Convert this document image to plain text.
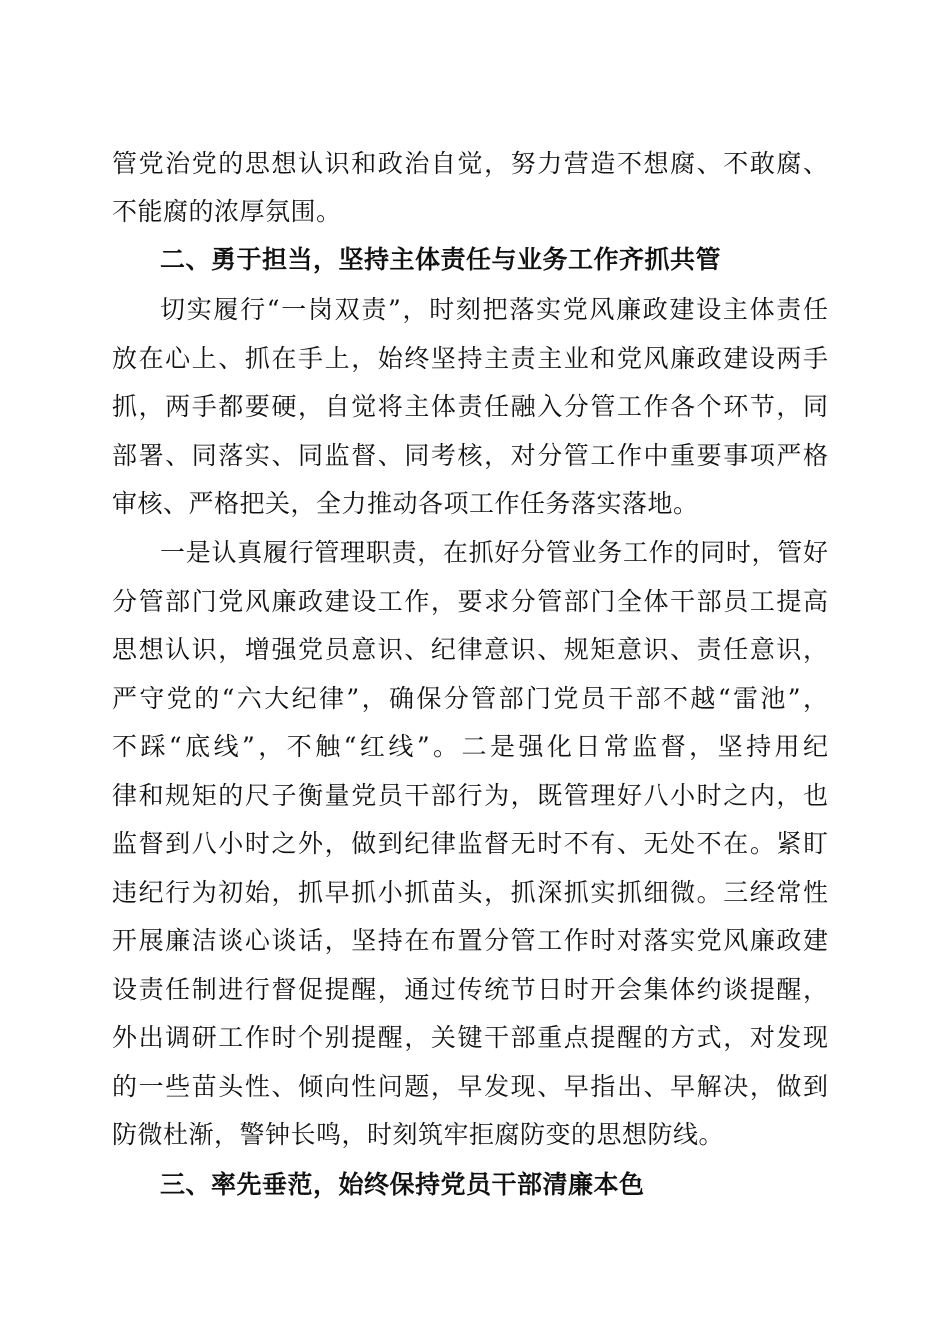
管党治党的思想认识和政治自觉，努力营造不想腐、不敢腐、
不能腐的浓厚氛围。
二、勇于担当，坚持主体责任与业务工作齐抓共管
切实履行“一岗双责”，时刻把落实党风廉政建设主体责任
放在心上、抓在手上，始终坚持主责主业和党风廉政建设两手
抓，两手都要硬，自觉将主体责任融入分管工作各个环节，同
部署、同落实、同监督、同考核，对分管工作中重要事项严格
审核、严格把关，全力推动各项工作任务落实落地。
一是认真履行管理职责，在抓好分管业务工作的同时，管好
分管部门党风廉政建设工作，要求分管部门全体干部员工提高
思想认识，增强党员意识、纪律意识、规矩意识、责任意识，
严守党的“六大纪律”，确保分管部门党员干部不越“雷池”，
不踩“底线”，不触“红线”。二是强化日常监督，坚持用纪
律和规矩的尺子衡量党员干部行为，既管理好八小时之内，也
监督到八小时之外，做到纪律监督无时不有、无处不在。紧盯
违纪行为初始，抓早抓小抓苗头，抓深抓实抓细微。三经常性
开展廉洁谈心谈话，坚持在布置分管工作时对落实党风廉政建
设责任制进行督促提醒，通过传统节日时开会集体约谈提醒，
外出调研工作时个别提醒，关键干部重点提醒的方式，对发现
的一些苗头性、倾向性问题，早发现、早指出、早解决，做到
防微杜渐，警钟长鸣，时刻筑牢拒腐防变的思想防线。
三、率先垂范，始终保持党员干部清廉本色
